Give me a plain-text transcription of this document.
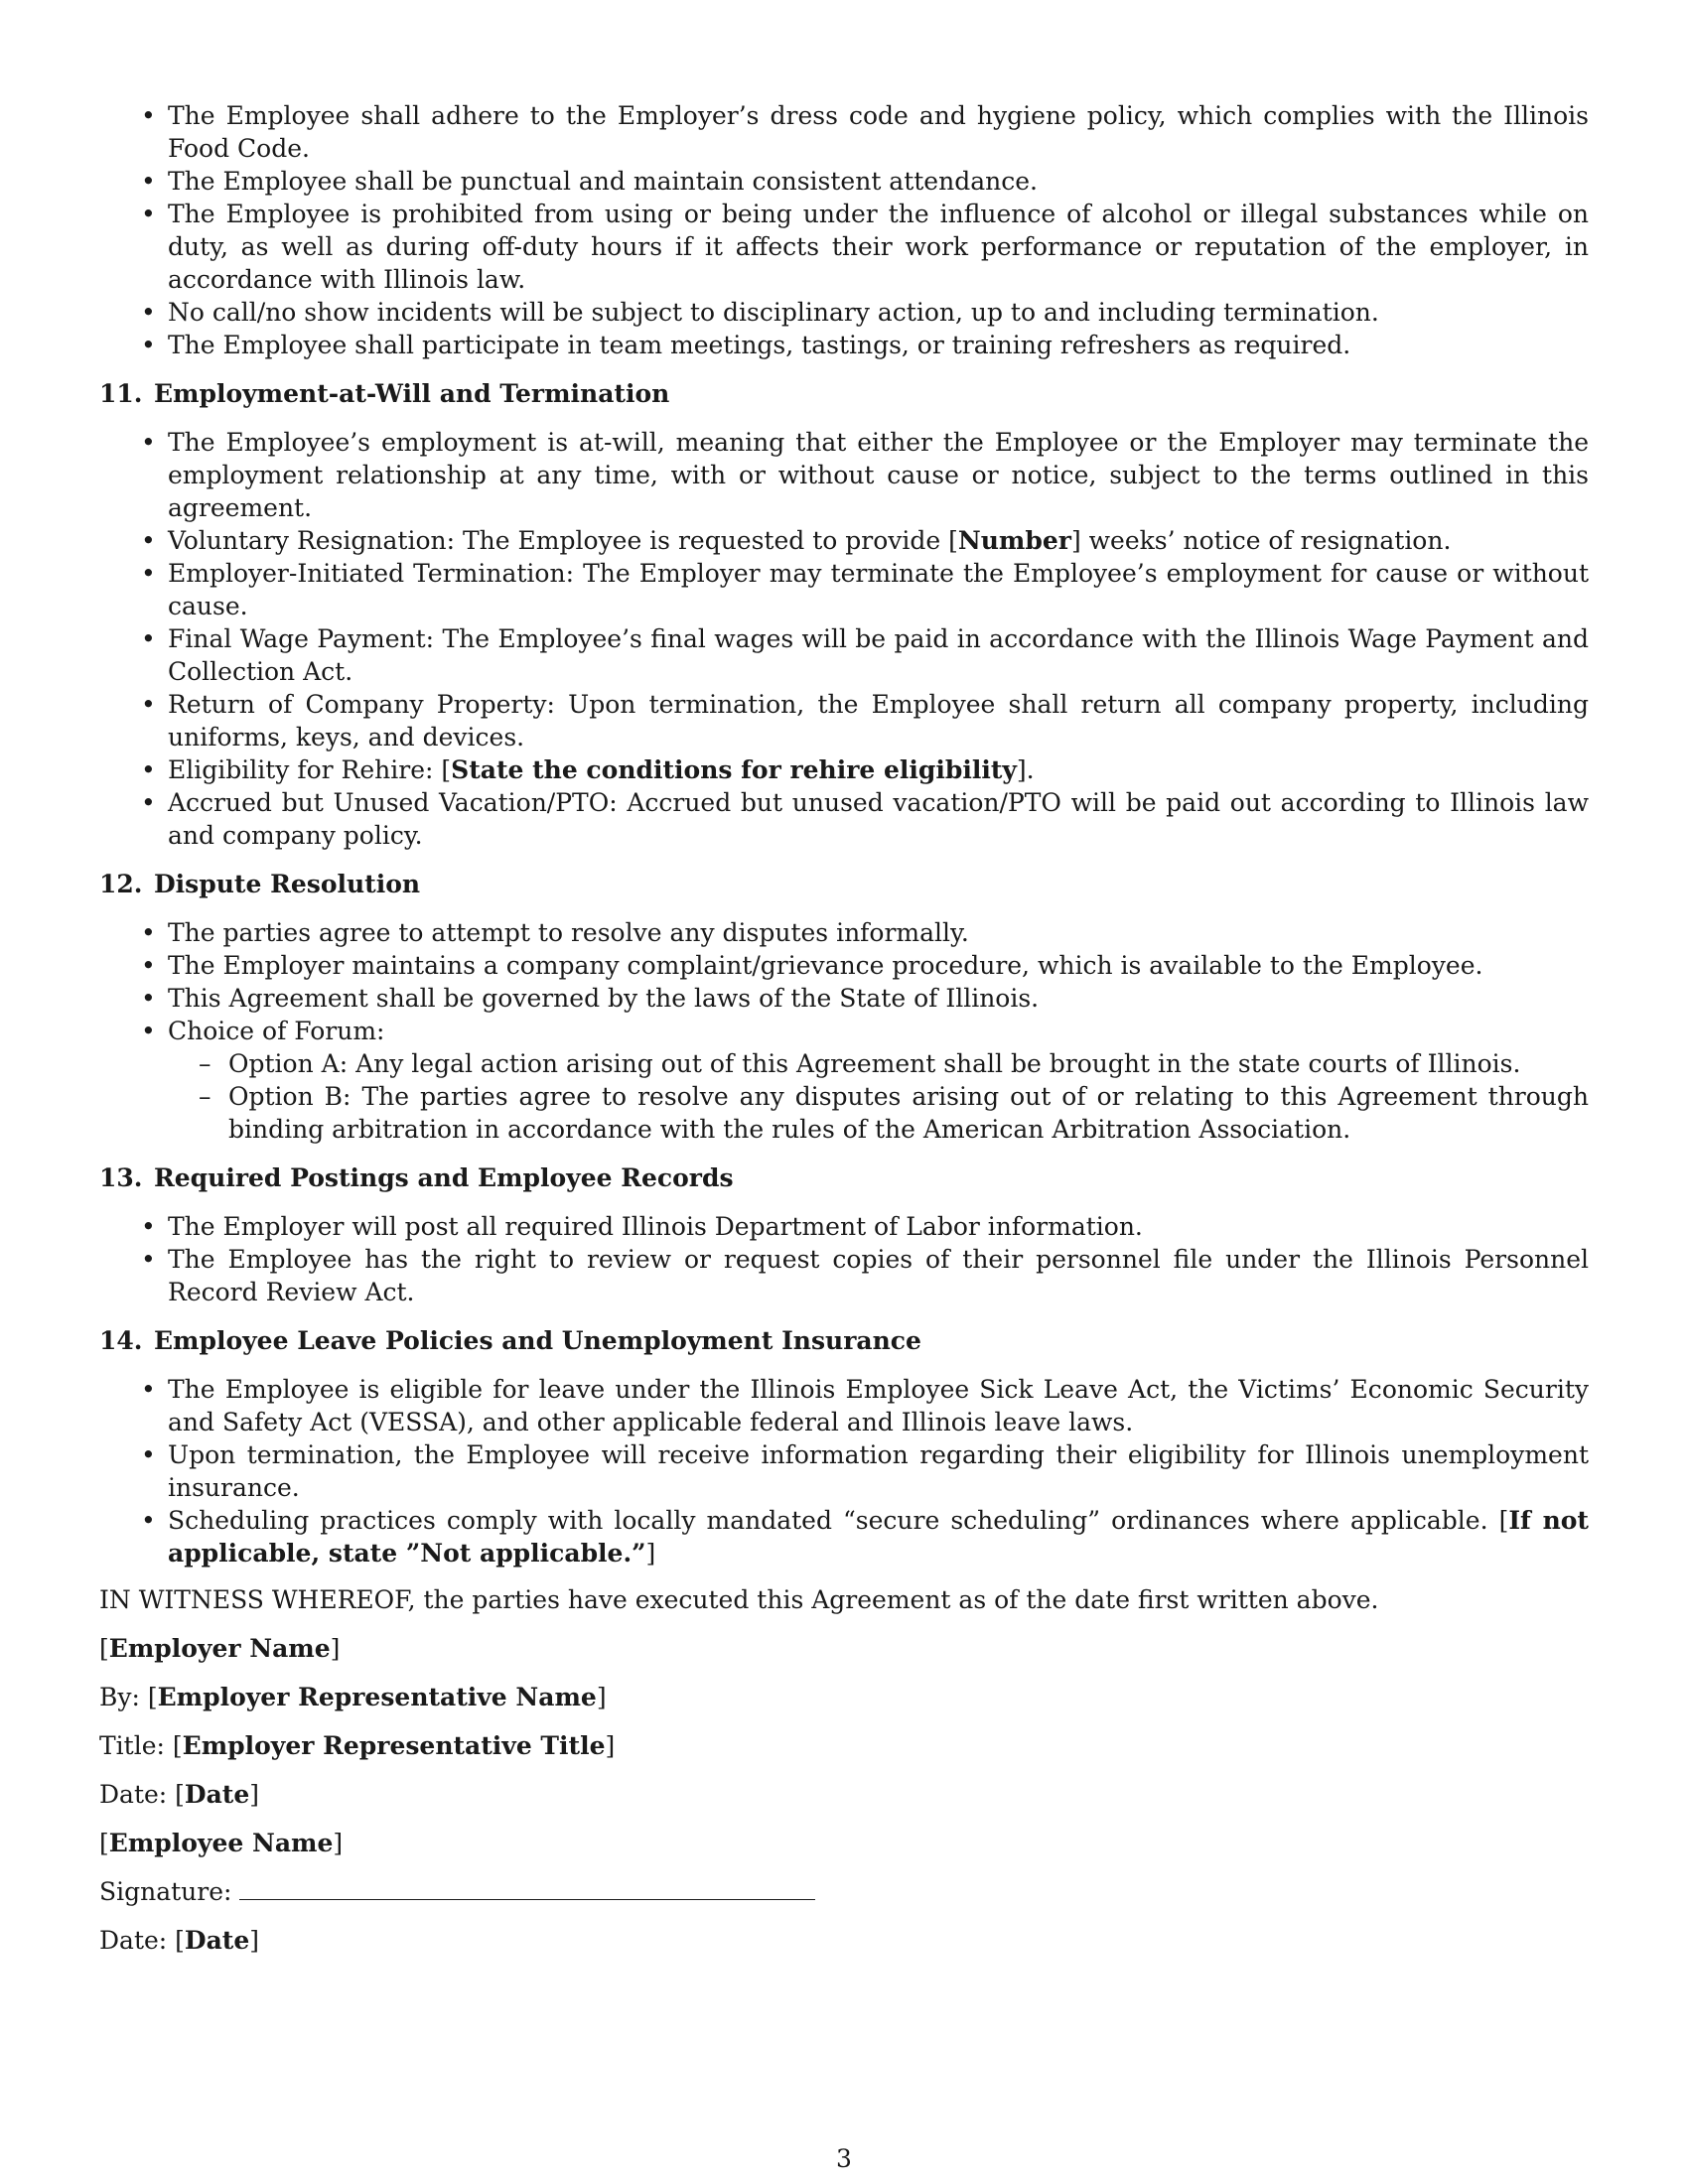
• The Employee shall adhere to the Employer’s dress code and hygiene policy, which complies with the Illinois Food Code.
• The Employee shall be punctual and maintain consistent attendance.
• The Employee is prohibited from using or being under the influence of alcohol or illegal substances while on duty, as well as during off-duty hours if it affects their work performance or reputation of the employer, in accordance with Illinois law.
• No call/no show incidents will be subject to disciplinary action, up to and including termination.
• The Employee shall participate in team meetings, tastings, or training refreshers as required.
11. Employment-at-Will and Termination
• The Employee’s employment is at-will, meaning that either the Employee or the Employer may terminate the employment relationship at any time, with or without cause or notice, subject to the terms outlined in this agreement.
• Voluntary Resignation: The Employee is requested to provide [Number] weeks’ notice of resignation.
• Employer-Initiated Termination: The Employer may terminate the Employee’s employment for cause or without cause.
• Final Wage Payment: The Employee’s final wages will be paid in accordance with the Illinois Wage Payment and Collection Act.
• Return of Company Property: Upon termination, the Employee shall return all company property, including uniforms, keys, and devices.
• Eligibility for Rehire: [State the conditions for rehire eligibility].
• Accrued but Unused Vacation/PTO: Accrued but unused vacation/PTO will be paid out according to Illinois law and company policy.
12. Dispute Resolution
• The parties agree to attempt to resolve any disputes informally.
• The Employer maintains a company complaint/grievance procedure, which is available to the Employee.
• This Agreement shall be governed by the laws of the State of Illinois.
• Choice of Forum:
– Option A: Any legal action arising out of this Agreement shall be brought in the state courts of Illinois.
– Option B: The parties agree to resolve any disputes arising out of or relating to this Agreement through binding arbitration in accordance with the rules of the American Arbitration Association.
13. Required Postings and Employee Records
• The Employer will post all required Illinois Department of Labor information.
• The Employee has the right to review or request copies of their personnel file under the Illinois Personnel Record Review Act.
14. Employee Leave Policies and Unemployment Insurance
• The Employee is eligible for leave under the Illinois Employee Sick Leave Act, the Victims’ Economic Security and Safety Act (VESSA), and other applicable federal and Illinois leave laws.
• Upon termination, the Employee will receive information regarding their eligibility for Illinois unemployment insurance.
• Scheduling practices comply with locally mandated “secure scheduling” ordinances where applicable. [If not applicable, state ”Not applicable.”]

IN WITNESS WHEREOF, the parties have executed this Agreement as of the date first written above.

[Employer Name]

By: [Employer Representative Name]

Title: [Employer Representative Title]

Date: [Date]

[Employee Name]

Signature:

Date: [Date]

3
